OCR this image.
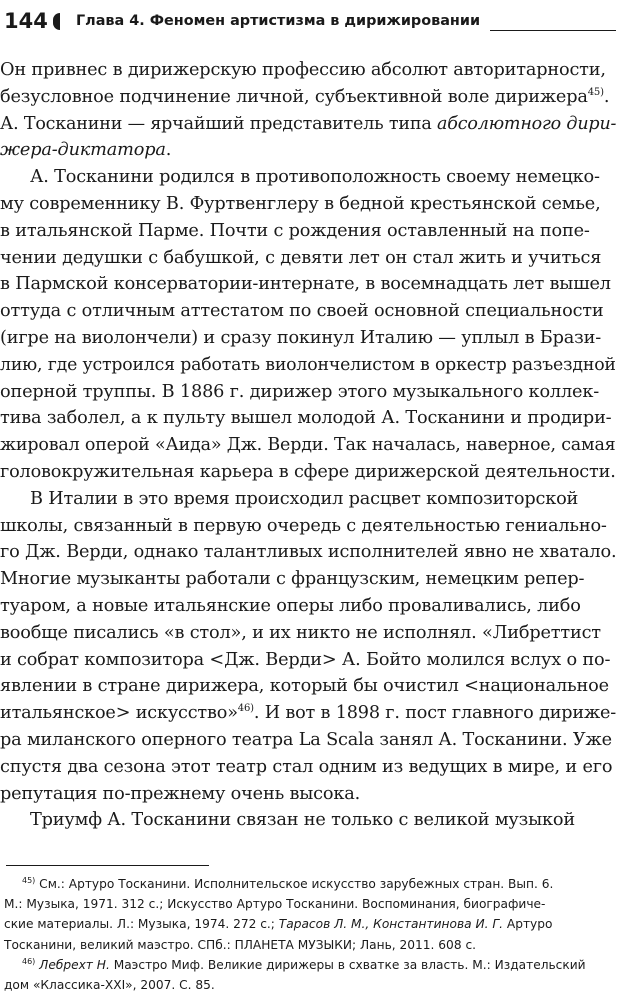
144 Глава 4. Феномен артистизма в дирижировании
Он привнес в дирижерскую профессию абсолют авторитарности,
безусловное подчинение личной, субъективной воле дирижера$^{45)}$.
А. Тосканини — ярчайший представитель типа абсолютного дири-
жера-диктатора.
А. Тосканини родился в противоположность своему немецко-
му современнику В. Фуртвенглеру в бедной крестьянской семье,
в итальянской Парме. Почти с рождения оставленный на попе-
чении дедушки с бабушкой, с девяти лет он стал жить и учиться
в Пармской консерватории-интернате, в восемнадцать лет вышел
оттуда с отличным аттестатом по своей основной специальности
(игре на виолончели) и сразу покинул Италию — уплыл в Брази-
лию, где устроился работать виолончелистом в оркестр разъездной
оперной труппы. В 1886 г. дирижер этого музыкального коллек-
тива заболел, а к пульту вышел молодой А. Тосканини и продири-
жировал оперой «Аида» Дж. Верди. Так началась, наверное, самая
головокружительная карьера в сфере дирижерской деятельности.
В Италии в это время происходил расцвет композиторской
школы, связанный в первую очередь с деятельностью гениально-
го Дж. Верди, однако талантливых исполнителей явно не хватало.
Многие музыканты работали с французским, немецким репер-
туаром, а новые итальянские оперы либо проваливались, либо
вообще писались «в стол», и их никто не исполнял. «Либреттист
и собрат композитора <Дж. Верди> А. Бойто молился вслух о по-
явлении в стране дирижера, который бы очистил <национальное
итальянское> искусство»$^{46)}$. И вот в 1898 г. пост главного дирижe-
ра миланского оперного театра La Scala занял А. Тосканини. Уже
спустя два сезона этот театр стал одним из ведущих в мире, и его
репутация по-прежнему очень высока.
Триумф А. Тосканини связан не только с великой музыкой
$^{45)}$ См.: Артуро Тосканини. Исполнительское искусство зарубежных стран. Вып. 6.
М.: Музыка, 1971. 312 с.; Искусство Артуро Тосканини. Воспоминания, биографиче-
ские материалы. Л.: Музыка, 1974. 272 с.; Тарасов Л. М., Константинова И. Г. Артуро
Тосканини, великий маэстро. СПб.: ПЛАНЕТА МУЗЫКИ; Лань, 2011. 608 с.
$^{46)}$ Лебрехт Н. Маэстро Миф. Великие дирижеры в схватке за власть. М.: Издательский
дом «Классика-XXI», 2007. С. 85.
